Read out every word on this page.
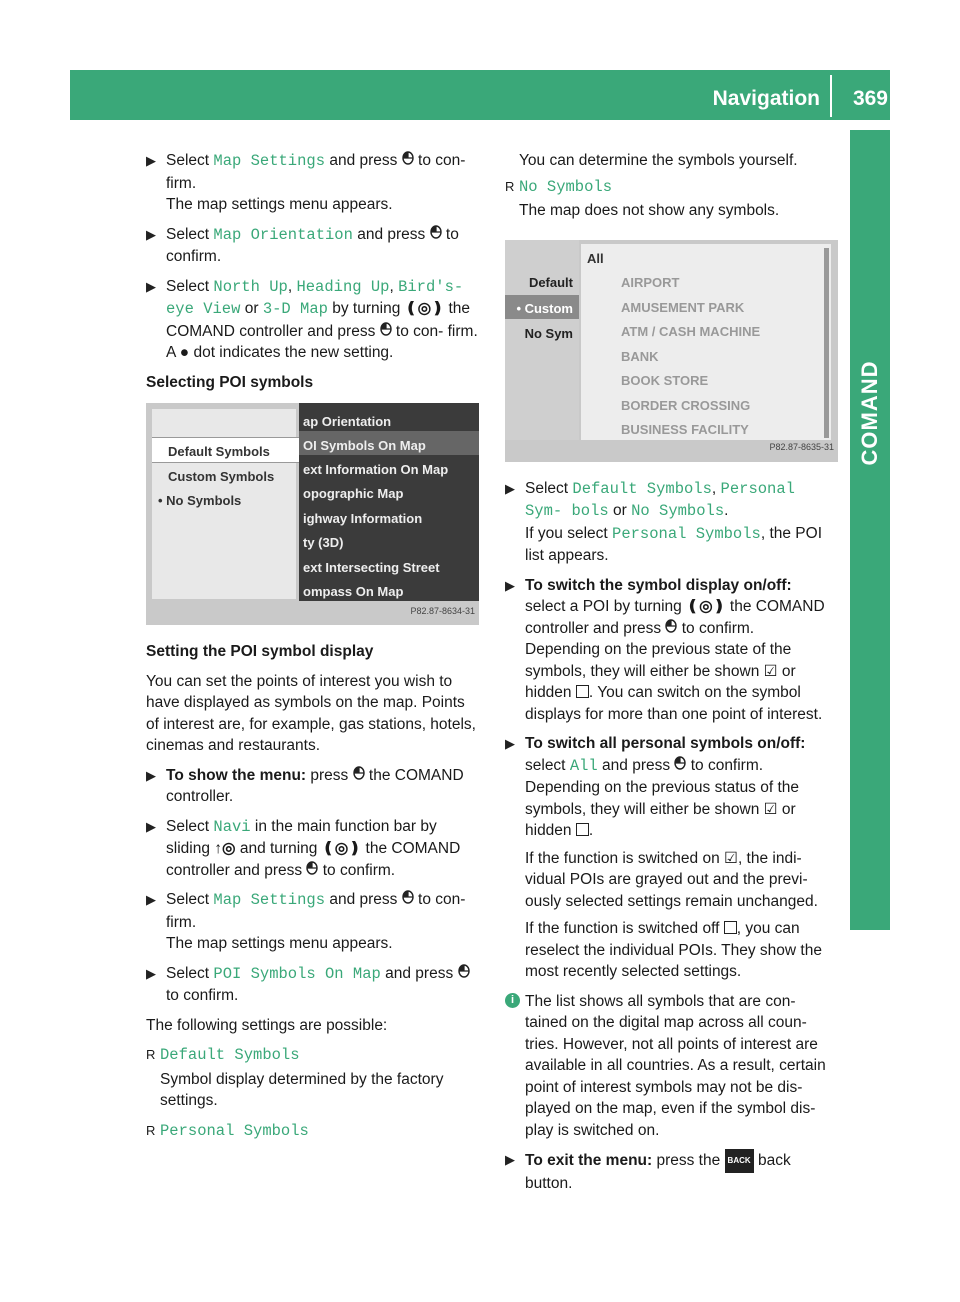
Navigation 369
COMAND
▶ Select Map Settings and press  to con- firm.
The map settings menu appears.
▶ Select Map Orientation and press  to confirm.
▶ Select North Up, Heading Up, Bird's- eye View or 3-D Map by turning ❪◎❫ the COMAND controller and press  to con- firm.
A ● dot indicates the new setting.
Selecting POI symbols
Default Symbols
Custom Symbols
• No Symbols
ap Orientation
OI Symbols On Map
ext Information On Map
opographic Map
ighway Information
ty (3D)
ext Intersecting Street
ompass On Map
P82.87-8634-31
Setting the POI symbol display
You can set the points of interest you wish to have displayed as symbols on the map. Points of interest are, for example, gas stations, hotels, cinemas and restaurants.
▶ To show the menu: press  the COMAND controller.
▶ Select Navi in the main function bar by sliding ↑◎ and turning ❪◎❫ the COMAND controller and press  to confirm.
▶ Select Map Settings and press  to con- firm.
The map settings menu appears.
▶ Select POI Symbols On Map and press  to confirm.
The following settings are possible:
R Default Symbols
Symbol display determined by the factory settings.
R Personal Symbols
You can determine the symbols yourself.
R No Symbols
The map does not show any symbols.
Default
• Custom
No Sym
All
AIRPORT
AMUSEMENT PARK
ATM / CASH MACHINE
BANK
BOOK STORE
BORDER CROSSING
BUSINESS FACILITY
P82.87-8635-31
▶ Select Default Symbols, Personal Sym- bols or No Symbols.
If you select Personal Symbols, the POI list appears.
▶ To switch the symbol display on/off:
select a POI by turning ❪◎❫ the COMAND controller and press  to confirm.
Depending on the previous state of the symbols, they will either be shown ☑ or hidden . You can switch on the symbol displays for more than one point of interest.
▶ To switch all personal symbols on/off:
select All and press  to confirm.
Depending on the previous status of the symbols, they will either be shown ☑ or hidden .
If the function is switched on ☑, the indi- vidual POIs are grayed out and the previ- ously selected settings remain unchanged.
If the function is switched off , you can reselect the individual POIs. They show the most recently selected settings.
i The list shows all symbols that are con- tained on the digital map across all coun- tries. However, not all points of interest are available in all countries. As a result, certain point of interest symbols may not be dis- played on the map, even if the symbol dis- play is switched on.
▶ To exit the menu: press the BACK back button.
